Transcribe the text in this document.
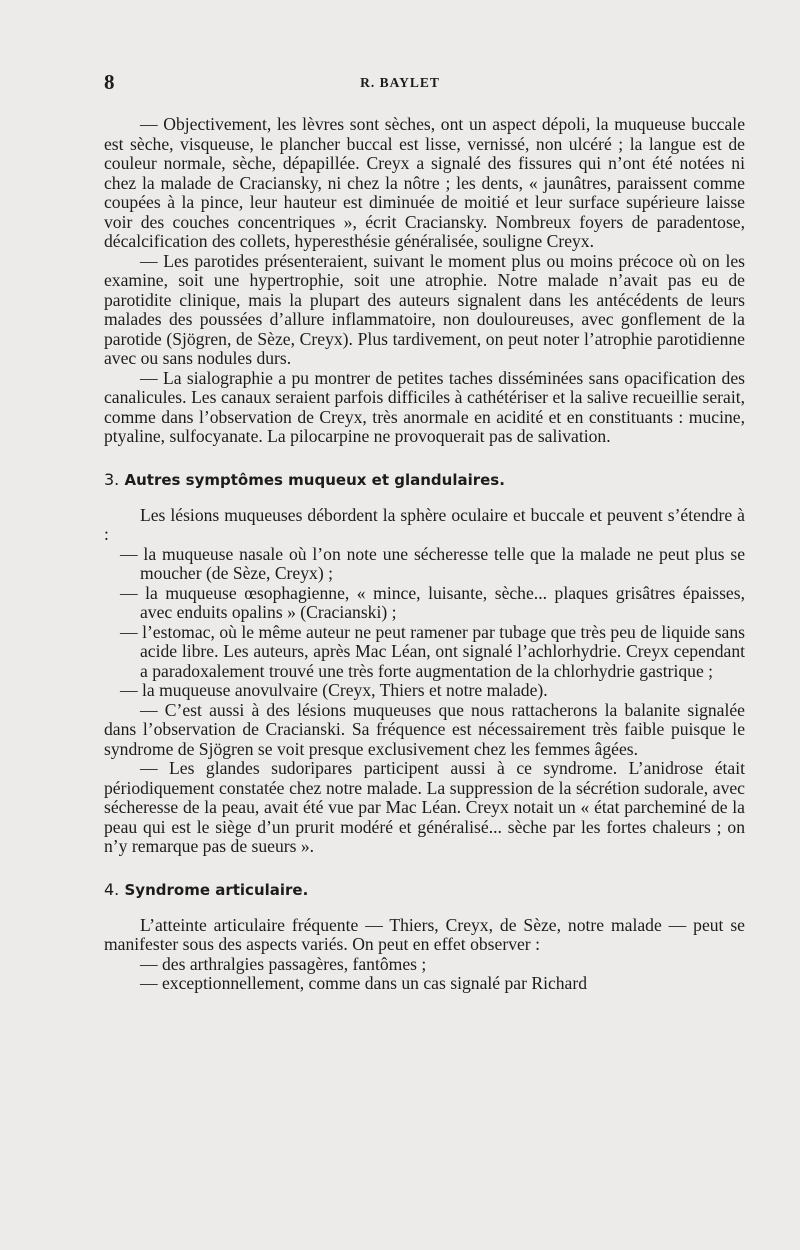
8	R. BAYLET

— Objectivement, les lèvres sont sèches, ont un aspect dépoli, la muqueuse buccale est sèche, visqueuse, le plancher buccal est lisse, vernissé, non ulcéré ; la langue est de couleur normale, sèche, dépapillée. Creyx a signalé des fissures qui n’ont été notées ni chez la malade de Craciansky, ni chez la nôtre ; les dents, « jaunâtres, paraissent comme coupées à la pince, leur hauteur est diminuée de moitié et leur surface supérieure laisse voir des couches concentriques », écrit Craciansky. Nombreux foyers de paradentose, décalcification des collets, hyperesthésie généralisée, souligne Creyx.

— Les parotides présenteraient, suivant le moment plus ou moins précoce où on les examine, soit une hypertrophie, soit une atrophie. Notre malade n’avait pas eu de parotidite clinique, mais la plupart des auteurs signalent dans les antécédents de leurs malades des poussées d’allure inflammatoire, non douloureuses, avec gonflement de la parotide (Sjögren, de Sèze, Creyx). Plus tardivement, on peut noter l’atrophie parotidienne avec ou sans nodules durs.

— La sialographie a pu montrer de petites taches disséminées sans opacification des canalicules. Les canaux seraient parfois difficiles à cathétériser et la salive recueillie serait, comme dans l’observation de Creyx, très anormale en acidité et en constituants : mucine, ptyaline, sulfocyanate. La pilocarpine ne provoquerait pas de salivation.

3. Autres symptômes muqueux et glandulaires.

Les lésions muqueuses débordent la sphère oculaire et buccale et peuvent s’étendre à :

— la muqueuse nasale où l’on note une sécheresse telle que la malade ne peut plus se moucher (de Sèze, Creyx) ;

— la muqueuse œsophagienne, « mince, luisante, sèche... plaques grisâtres épaisses, avec enduits opalins » (Cracianski) ;

— l’estomac, où le même auteur ne peut ramener par tubage que très peu de liquide sans acide libre. Les auteurs, après Mac Léan, ont signalé l’achlorhydrie. Creyx cependant a paradoxalement trouvé une très forte augmentation de la chlorhydrie gastrique ;

— la muqueuse anovulvaire (Creyx, Thiers et notre malade).

— C’est aussi à des lésions muqueuses que nous rattacherons la balanite signalée dans l’observation de Cracianski. Sa fréquence est nécessairement très faible puisque le syndrome de Sjögren se voit presque exclusivement chez les femmes âgées.

— Les glandes sudoripares participent aussi à ce syndrome. L’anidrose était périodiquement constatée chez notre malade. La suppression de la sécrétion sudorale, avec sécheresse de la peau, avait été vue par Mac Léan. Creyx notait un « état parcheminé de la peau qui est le siège d’un prurit modéré et généralisé... sèche par les fortes chaleurs ; on n’y remarque pas de sueurs ».

4. Syndrome articulaire.

L’atteinte articulaire fréquente — Thiers, Creyx, de Sèze, notre malade — peut se manifester sous des aspects variés. On peut en effet observer :

— des arthralgies passagères, fantômes ;

— exceptionnellement, comme dans un cas signalé par Richard
